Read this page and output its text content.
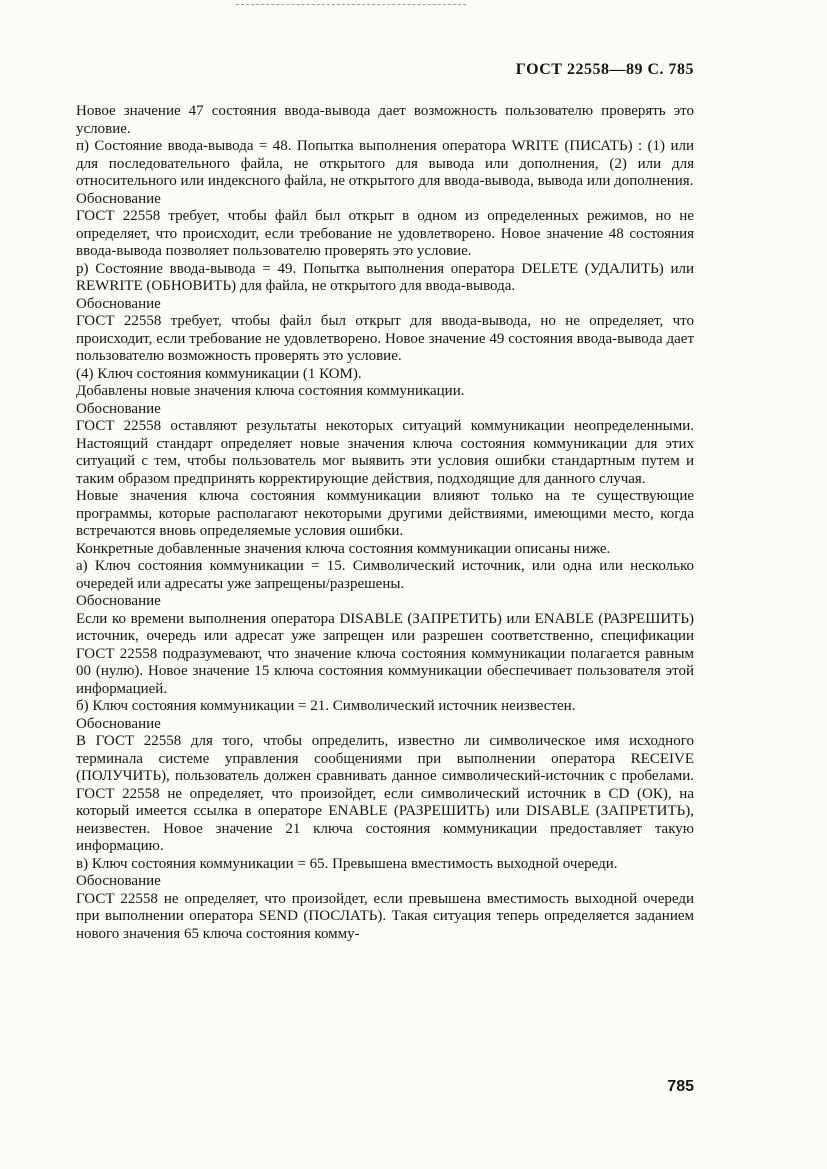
ГОСТ 22558—89 С. 785

Новое значение 47 состояния ввода-вывода дает возможность пользователю проверять это условие.

п) Состояние ввода-вывода = 48. Попытка выполнения оператора WRITE (ПИСАТЬ) : (1) или для последовательного файла, не открытого для вывода или дополнения, (2) или для относительного или индексного файла, не открытого для ввода-вывода, вывода или дополнения.

Обоснование

ГОСТ 22558 требует, чтобы файл был открыт в одном из определенных режимов, но не определяет, что происходит, если требование не удовлетворено. Новое значение 48 состояния ввода-вывода позволяет пользователю проверять это условие.

р) Состояние ввода-вывода = 49. Попытка выполнения оператора DELETE (УДАЛИТЬ) или REWRITE (ОБНОВИТЬ) для файла, не открытого для ввода-вывода.

Обоснование

ГОСТ 22558 требует, чтобы файл был открыт для ввода-вывода, но не определяет, что происходит, если требование не удовлетворено. Новое значение 49 состояния ввода-вывода дает пользователю возможность проверять это условие.

(4) Ключ состояния коммуникации (1 КОМ).

Добавлены новые значения ключа состояния коммуникации.

Обоснование

ГОСТ 22558 оставляют результаты некоторых ситуаций коммуникации неопределенными. Настоящий стандарт определяет новые значения ключа состояния коммуникации для этих ситуаций с тем, чтобы пользователь мог выявить эти условия ошибки стандартным путем и таким образом предпринять корректирующие действия, подходящие для данного случая.

Новые значения ключа состояния коммуникации влияют только на те существующие программы, которые располагают некоторыми другими действиями, имеющими место, когда встречаются вновь определяемые условия ошибки.

Конкретные добавленные значения ключа состояния коммуникации описаны ниже.

а) Ключ состояния коммуникации = 15. Символический источник, или одна или несколько очередей или адресаты уже запрещены/разрешены.

Обоснование

Если ко времени выполнения оператора DISABLE (ЗАПРЕТИТЬ) или ENABLE (РАЗРЕШИТЬ) источник, очередь или адресат уже запрещен или разрешен соответственно, спецификации ГОСТ 22558 подразумевают, что значение ключа состояния коммуникации полагается равным 00 (нулю). Новое значение 15 ключа состояния коммуникации обеспечивает пользователя этой информацией.

б) Ключ состояния коммуникации = 21. Символический источник неизвестен.

Обоснование

В ГОСТ 22558 для того, чтобы определить, известно ли символическое имя исходного терминала системе управления сообщениями при выполнении оператора RECEIVE (ПОЛУЧИТЬ), пользователь должен сравнивать данное символический-источник с пробелами. ГОСТ 22558 не определяет, что произойдет, если символический источник в CD (ОК), на который имеется ссылка в операторе ENABLE (РАЗРЕШИТЬ) или DISABLE (ЗАПРЕТИТЬ), неизвестен. Новое значение 21 ключа состояния коммуникации предоставляет такую информацию.

в) Ключ состояния коммуникации = 65. Превышена вместимость выходной очереди.

Обоснование

ГОСТ 22558 не определяет, что произойдет, если превышена вместимость выходной очереди при выполнении оператора SEND (ПОСЛАТЬ). Такая ситуация теперь определяется заданием нового значения 65 ключа состояния комму-

785
